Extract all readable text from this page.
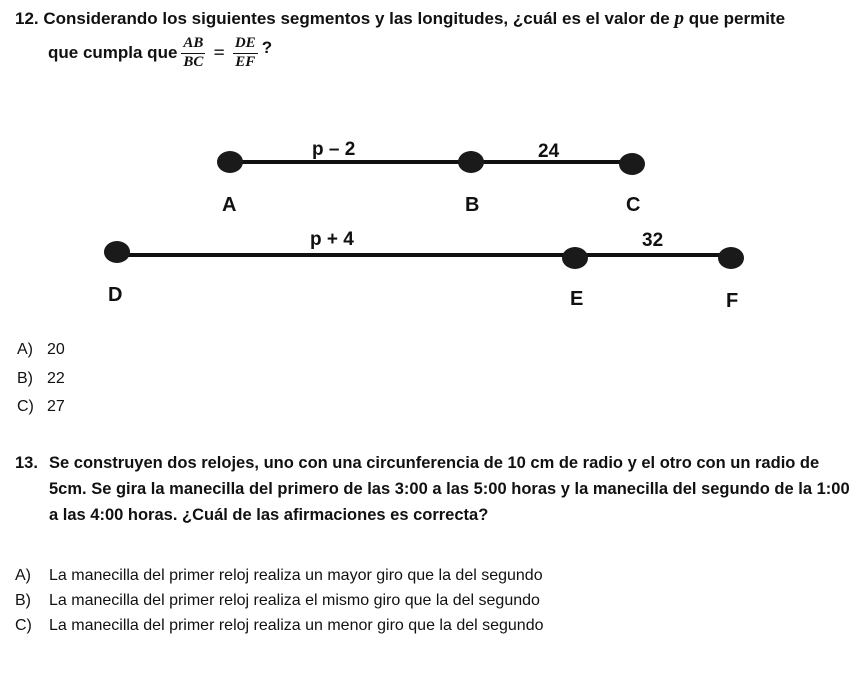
12. Considerando los siguientes segmentos y las longitudes, ¿cuál es el valor de p que permite
que cumpla que $\frac{AB}{BC} = \frac{DE}{EF}$ ?
p – 2	24
A	B	C
p + 4	32
D	E	F
A) 20
B) 22
C) 27
13. Se construyen dos relojes, uno con una circunferencia de 10 cm de radio y el otro con un radio de 5cm. Se gira la manecilla del primero de las 3:00 a las 5:00 horas y la manecilla del segundo de la 1:00 a las 4:00 horas. ¿Cuál de las afirmaciones es correcta?
A) La manecilla del primer reloj realiza un mayor giro que la del segundo
B) La manecilla del primer reloj realiza el mismo giro que la del segundo
C) La manecilla del primer reloj realiza un menor giro que la del segundo
